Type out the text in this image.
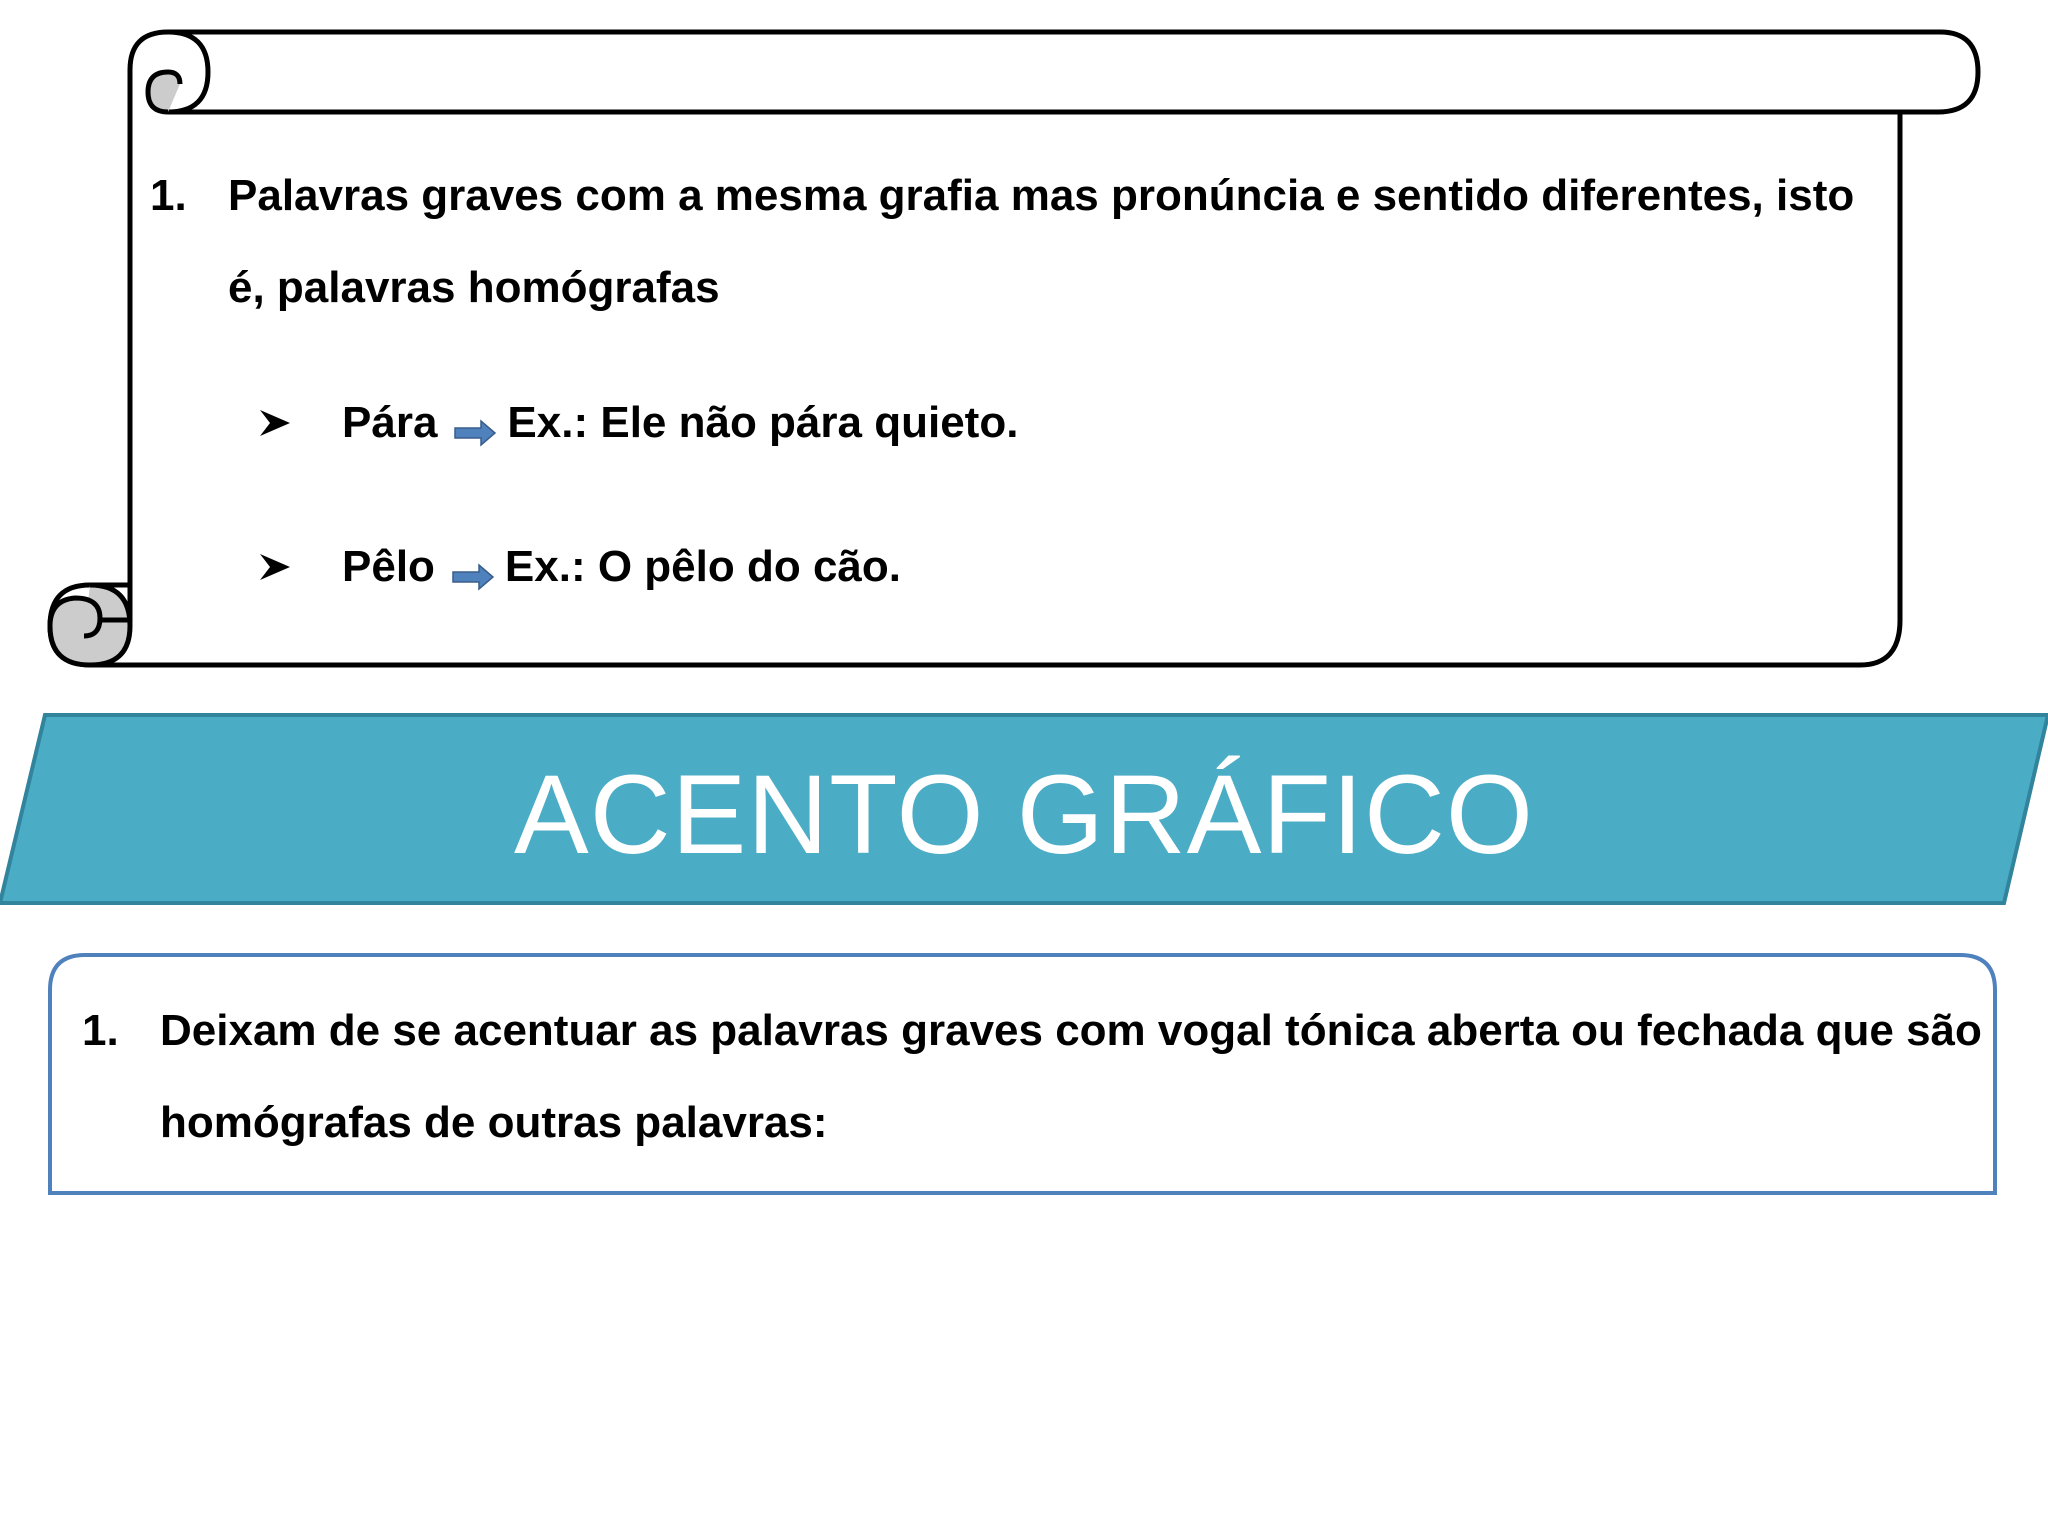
1. Palavras graves com a mesma grafia mas pronúncia e sentido diferentes, isto é, palavras homógrafas
Pára Ex.: Ele não pára quieto.
Pêlo Ex.: O pêlo do cão.
ACENTO GRÁFICO
1. Deixam de se acentuar as palavras graves com vogal tónica aberta ou fechada que são homógrafas de outras palavras:
